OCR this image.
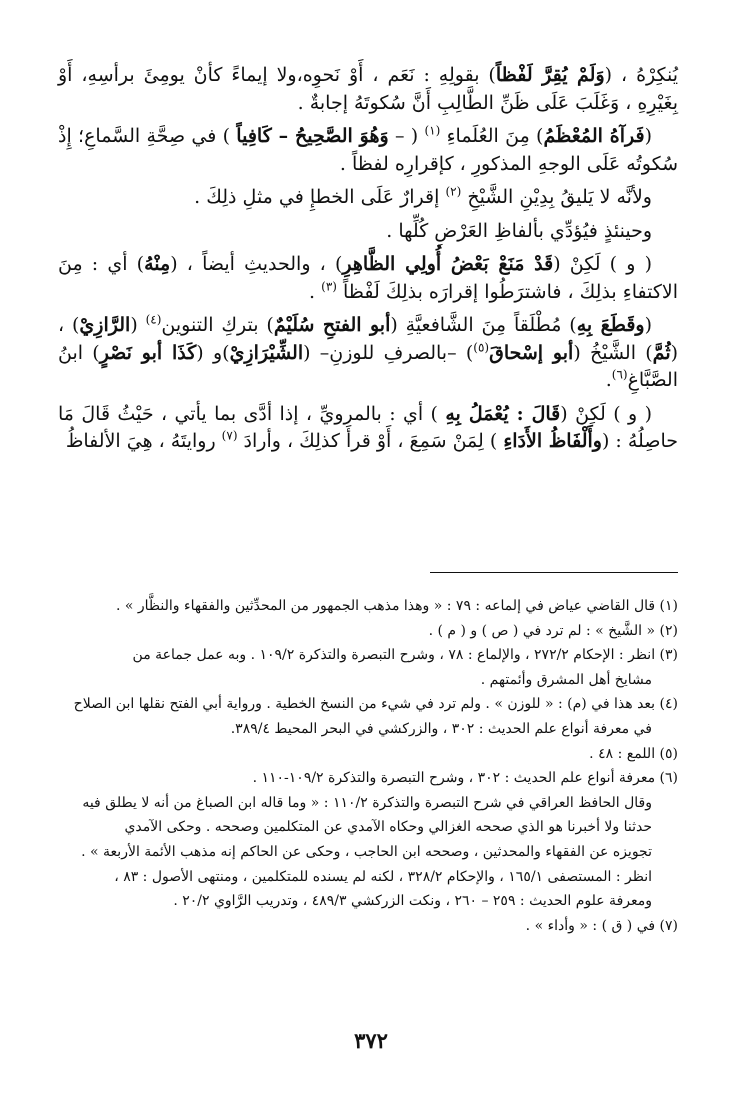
يُنكِرْهُ ، (وَلَمْ يُقِرَّ لَفْظاً) بقولِهِ : نَعَم ، أَوْ نَحوِه،ولا إيماءً كأنْ يومِئَ برأسِهِ، أَوْ بِغَيْرِهِ ، وَغَلَبَ عَلَى ظَنِّ الطَّالِبِ أَنَّ سُكوتَهُ إجابةٌ .

(فَرآهُ المُعْظَمُ) مِنَ العُلَماءِ $^{(١)}$ ( – وَهُوَ الصَّحِيحُ – كَافِياً ) في صِحَّةِ السَّماعِ؛ إِذْ سُكوتُه عَلَى الوجهِ المذكورِ ، كإقرارِه لفظاً .

ولأنَّه لا يَليقُ بِدِيْنِ الشَّيْخِ $^{(٢)}$ إقرارٌ عَلَى الخطإِ في مثلِ ذلِكَ .

وحينئذٍ فيُؤدِّي بألفاظِ العَرْضِ كُلِّها .

( و ) لَكِنْ (قَدْ مَنَعْ بَعْضُ أُولِي الظَّاهِرِ) ، والحديثِ أيضاً ، (مِنْهُ) أي : مِنَ الاكتفاءِ بذلِكَ ، فاشترَطُوا إقرارَه بذلِكَ لَفْظاً $^{(٣)}$ .

(وقَطَعَ بِهِ) مُطْلَقاً مِنَ الشَّافعيَّةِ (أبو الفتحِ سُلَيْمٌ) بتركِ التنوين$^{(٤)}$ (الرَّازِيْ) ، (ثُمَّ) الشَّيْخُ (أبو إسْحاقَ$^{(٥)}$) –بالصرفِ للوزنِ– (الشِّيْرَازِيْ)و (كَذَا أبو نَصْرٍ) ابنُ الصَّبَّاغِ$^{(٦)}$.

( و ) لَكِنْ (قَالَ : يُعْمَلُ بِهِ ) أي : بالمرويِّ ، إذا أدَّى بما يأتي ، حَيْثُ قَالَ مَا حاصِلُهُ : (وأَلْفَاظُ الأَدَاءِ ) لِمَنْ سَمِعَ ، أَوْ قرأَ كذلِكَ ، وأرادَ $^{(٧)}$ روايتَهُ ، هِيَ الألفاظُ

(١) قال القاضي عياض في إلماعه : ٧٩ : « وهذا مذهب الجمهور من المحدِّثين والفقهاء والنظَّار » .
(٢) « الشَّيخ » : لم ترد في ( ص ) و ( م ) .
(٣) انظر : الإحكام ٢٧٢/٢ ، والإلماع : ٧٨ ، وشرح التبصرة والتذكرة ١٠٩/٢ . وبه عمل جماعة من
مشايخ أهل المشرق وأئمتهم .
(٤) بعد هذا في (م) : « للوزن » . ولم ترد في شيء من النسخ الخطية . ورواية أبي الفتح نقلها ابن الصلاح
في معرفة أنواع علم الحديث : ٣٠٢ ، والزركشي في البحر المحيط ٣٨٩/٤.
(٥) اللمع : ٤٨ .
(٦) معرفة أنواع علم الحديث : ٣٠٢ ، وشرح التبصرة والتذكرة ١٠٩/٢-١١٠ .
وقال الحافظ العراقي في شرح التبصرة والتذكرة ١١٠/٢ : « وما قاله ابن الصباغ من أنه لا يطلق فيه
حدثنا ولا أخبرنا هو الذي صححه الغزالي وحكاه الآمدي عن المتكلمين وصححه . وحكى الآمدي
تجويزه عن الفقهاء والمحدثين ، وصححه ابن الحاجب ، وحكى عن الحاكم إنه مذهب الأئمة الأربعة » .
انظر : المستصفى ١٦٥/١ ، والإحكام ٣٢٨/٢ ، لكنه لم يسنده للمتكلمين ، ومنتهى الأصول : ٨٣ ،
ومعرفة علوم الحديث : ٢٥٩ – ٢٦٠ ، ونكت الزركشي ٤٨٩/٣ ، وتدريب الرَّاوي ٢٠/٢ .
(٧) في ( ق ) : « وأداء » .
٣٧٢
